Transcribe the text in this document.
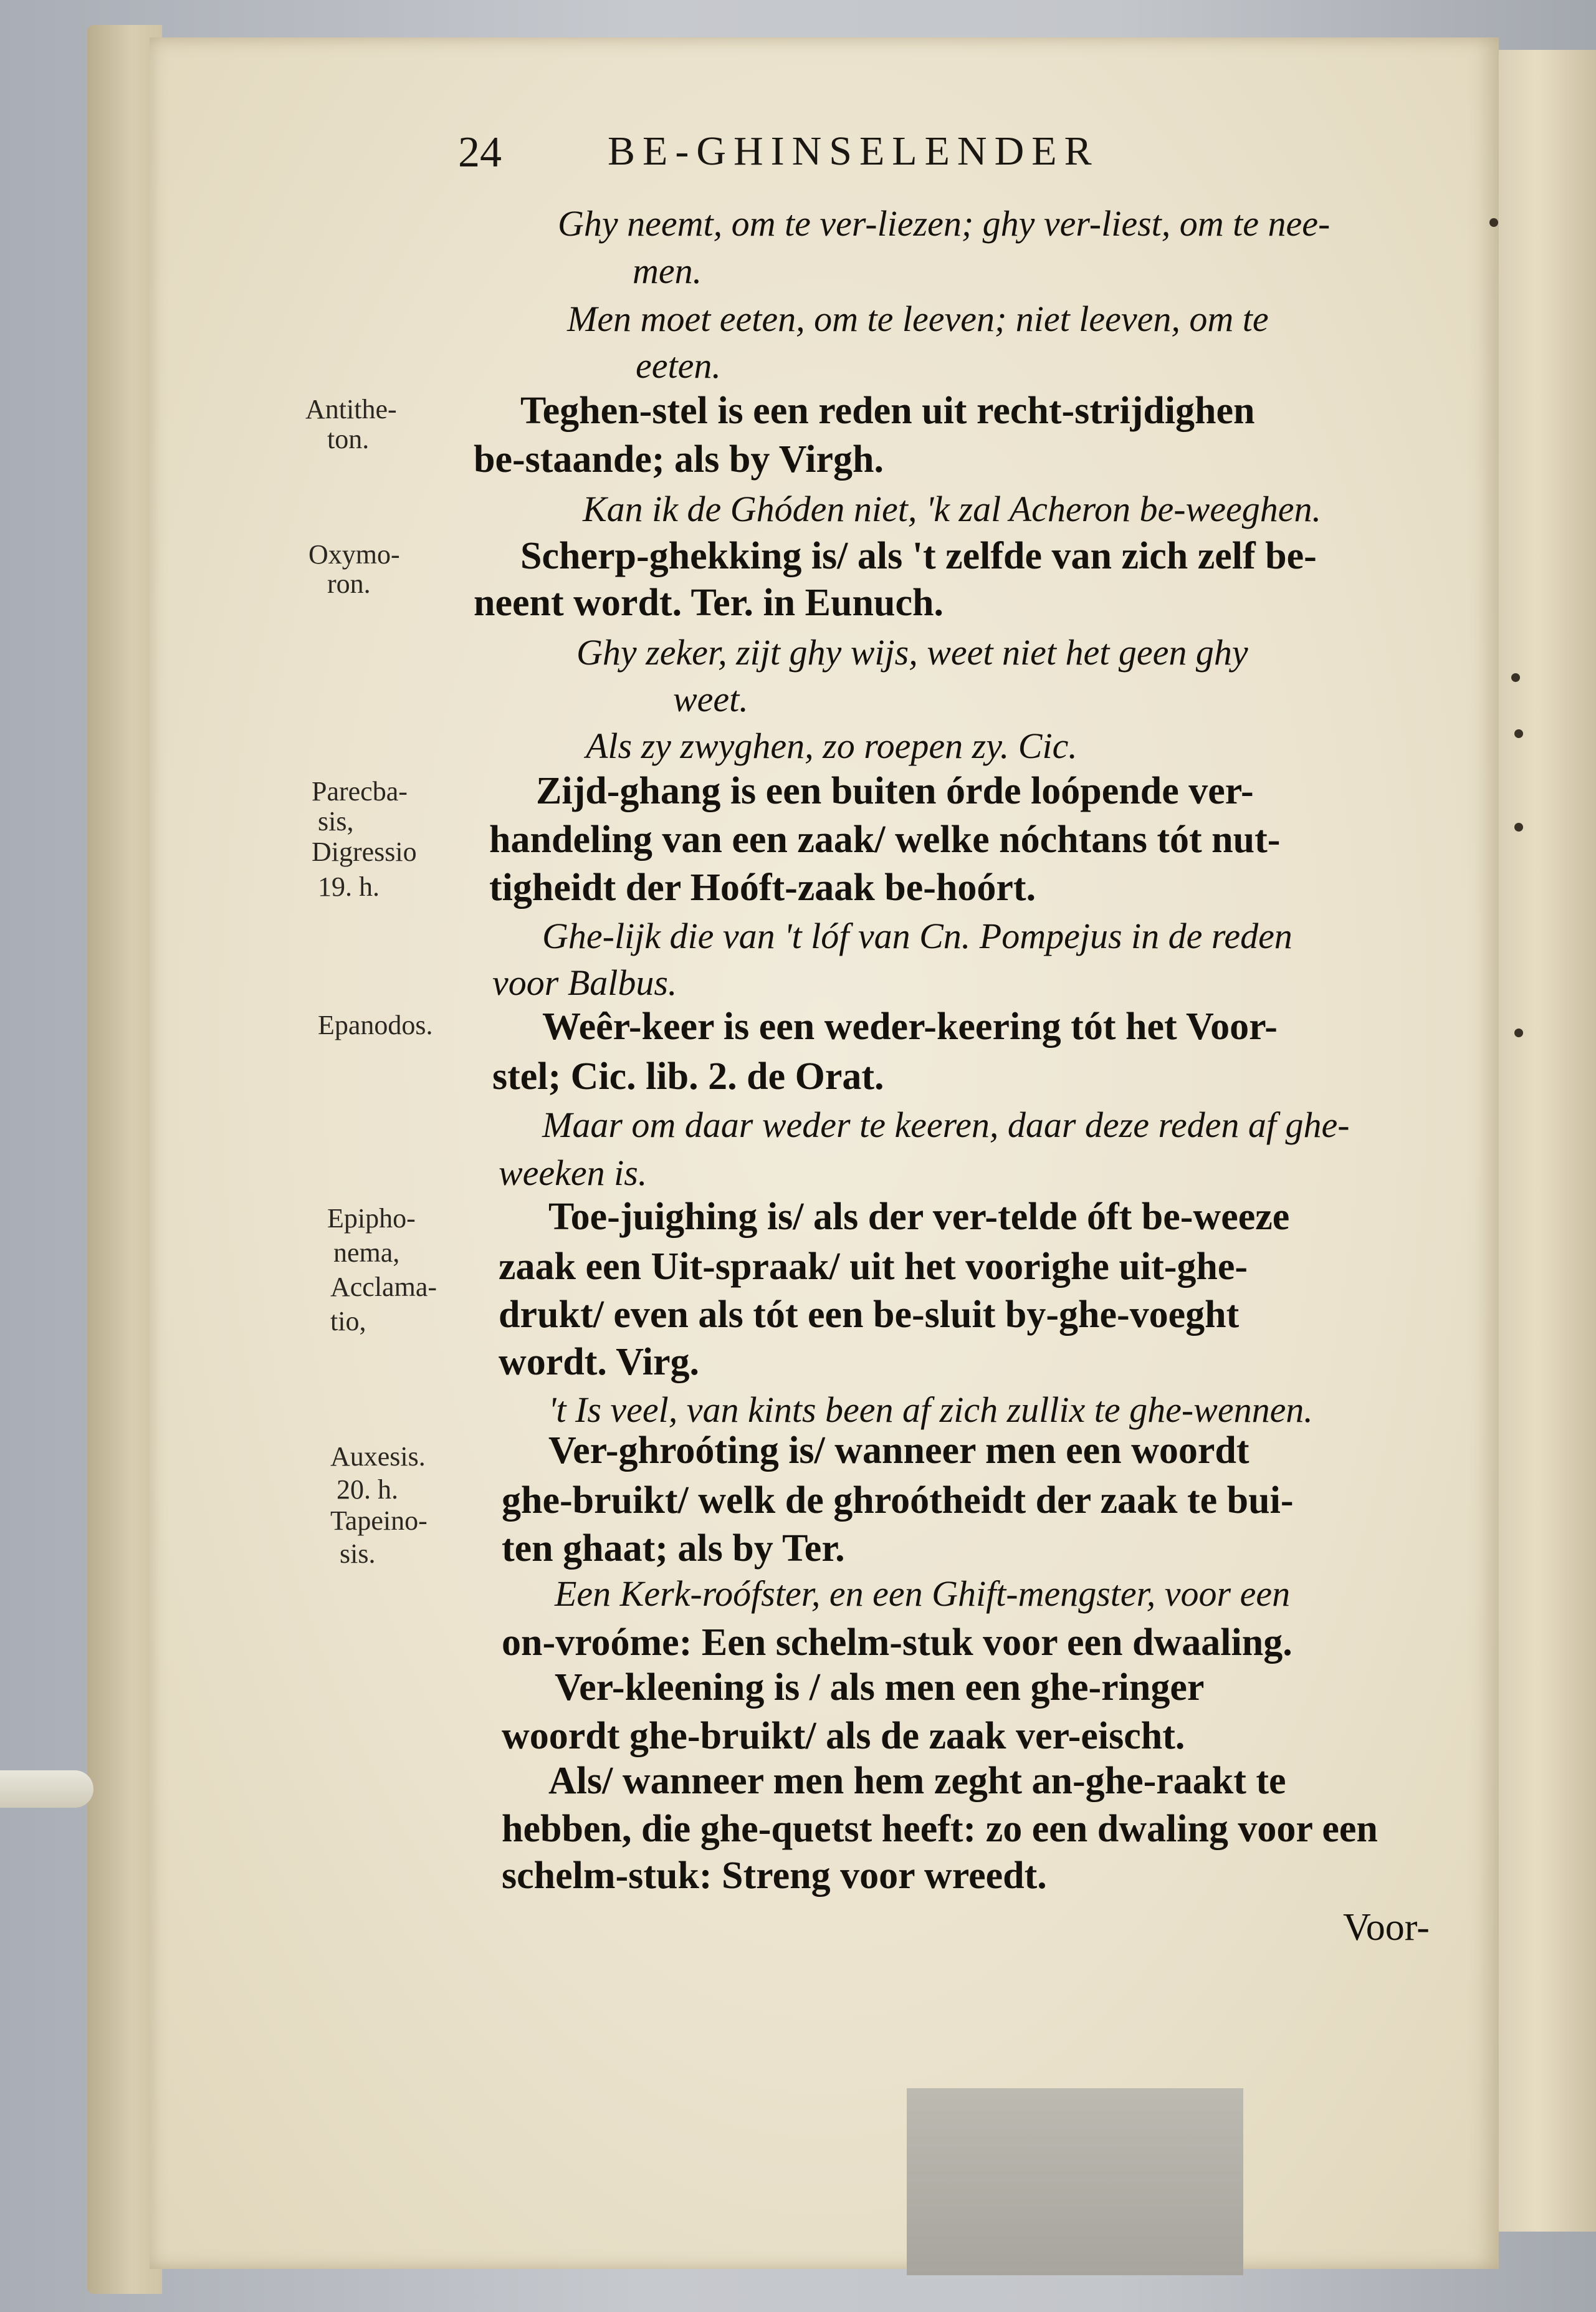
24	BE-GHINSELENDER
Ghy neemt, om te ver-liezen; ghy ver-liest, om te nee-
men.
Men moet eeten, om te leeven; niet leeven, om te
eeten.
Teghen-stel is een reden uit recht-strijdighen
be-staande; als by Virgh.
Kan ik de Ghóden niet, 'k zal Acheron be-weeghen.
Scherp-ghekking is/ als 't zelfde van zich zelf be-
neent wordt. Ter. in Eunuch.
Ghy zeker, zijt ghy wijs, weet niet het geen ghy
weet.
Als zy zwyghen, zo roepen zy. Cic.
Zijd-ghang is een buiten órde loópende ver-
handeling van een zaak/ welke nóchtans tót nut-
tigheidt der Hoóft-zaak be-hoórt.
Ghe-lijk die van 't lóf van Cn. Pompejus in de reden
voor Balbus.
Weêr-keer is een weder-keering tót het Voor-
stel; Cic. lib. 2. de Orat.
Maar om daar weder te keeren, daar deze reden af ghe-
weeken is.
Toe-juighing is/ als der ver-telde óft be-weeze
zaak een Uit-spraak/ uit het voorighe uit-ghe-
drukt/ even als tót een be-sluit by-ghe-voeght
wordt. Virg.
't Is veel, van kints been af zich zullix te ghe-wennen.
Ver-ghroóting is/ wanneer men een woordt
ghe-bruikt/ welk de ghroótheidt der zaak te bui-
ten ghaat; als by Ter.
Een Kerk-roófster, en een Ghift-mengster, voor een
on-vroóme: Een schelm-stuk voor een dwaaling.
Ver-kleening is / als men een ghe-ringer
woordt ghe-bruikt/ als de zaak ver-eischt.
Als/ wanneer men hem zeght an-ghe-raakt te
hebben, die ghe-quetst heeft: zo een dwaling voor een
schelm-stuk: Streng voor wreedt.
Voor-
Antithe-
ton.
Oxymo-
ron.
Parecba-
sis,
Digressio
19. h.
Epanodos.
Epipho-
nema,
Acclama-
tio,
Auxesis.
20. h.
Tapeino-
sis.
